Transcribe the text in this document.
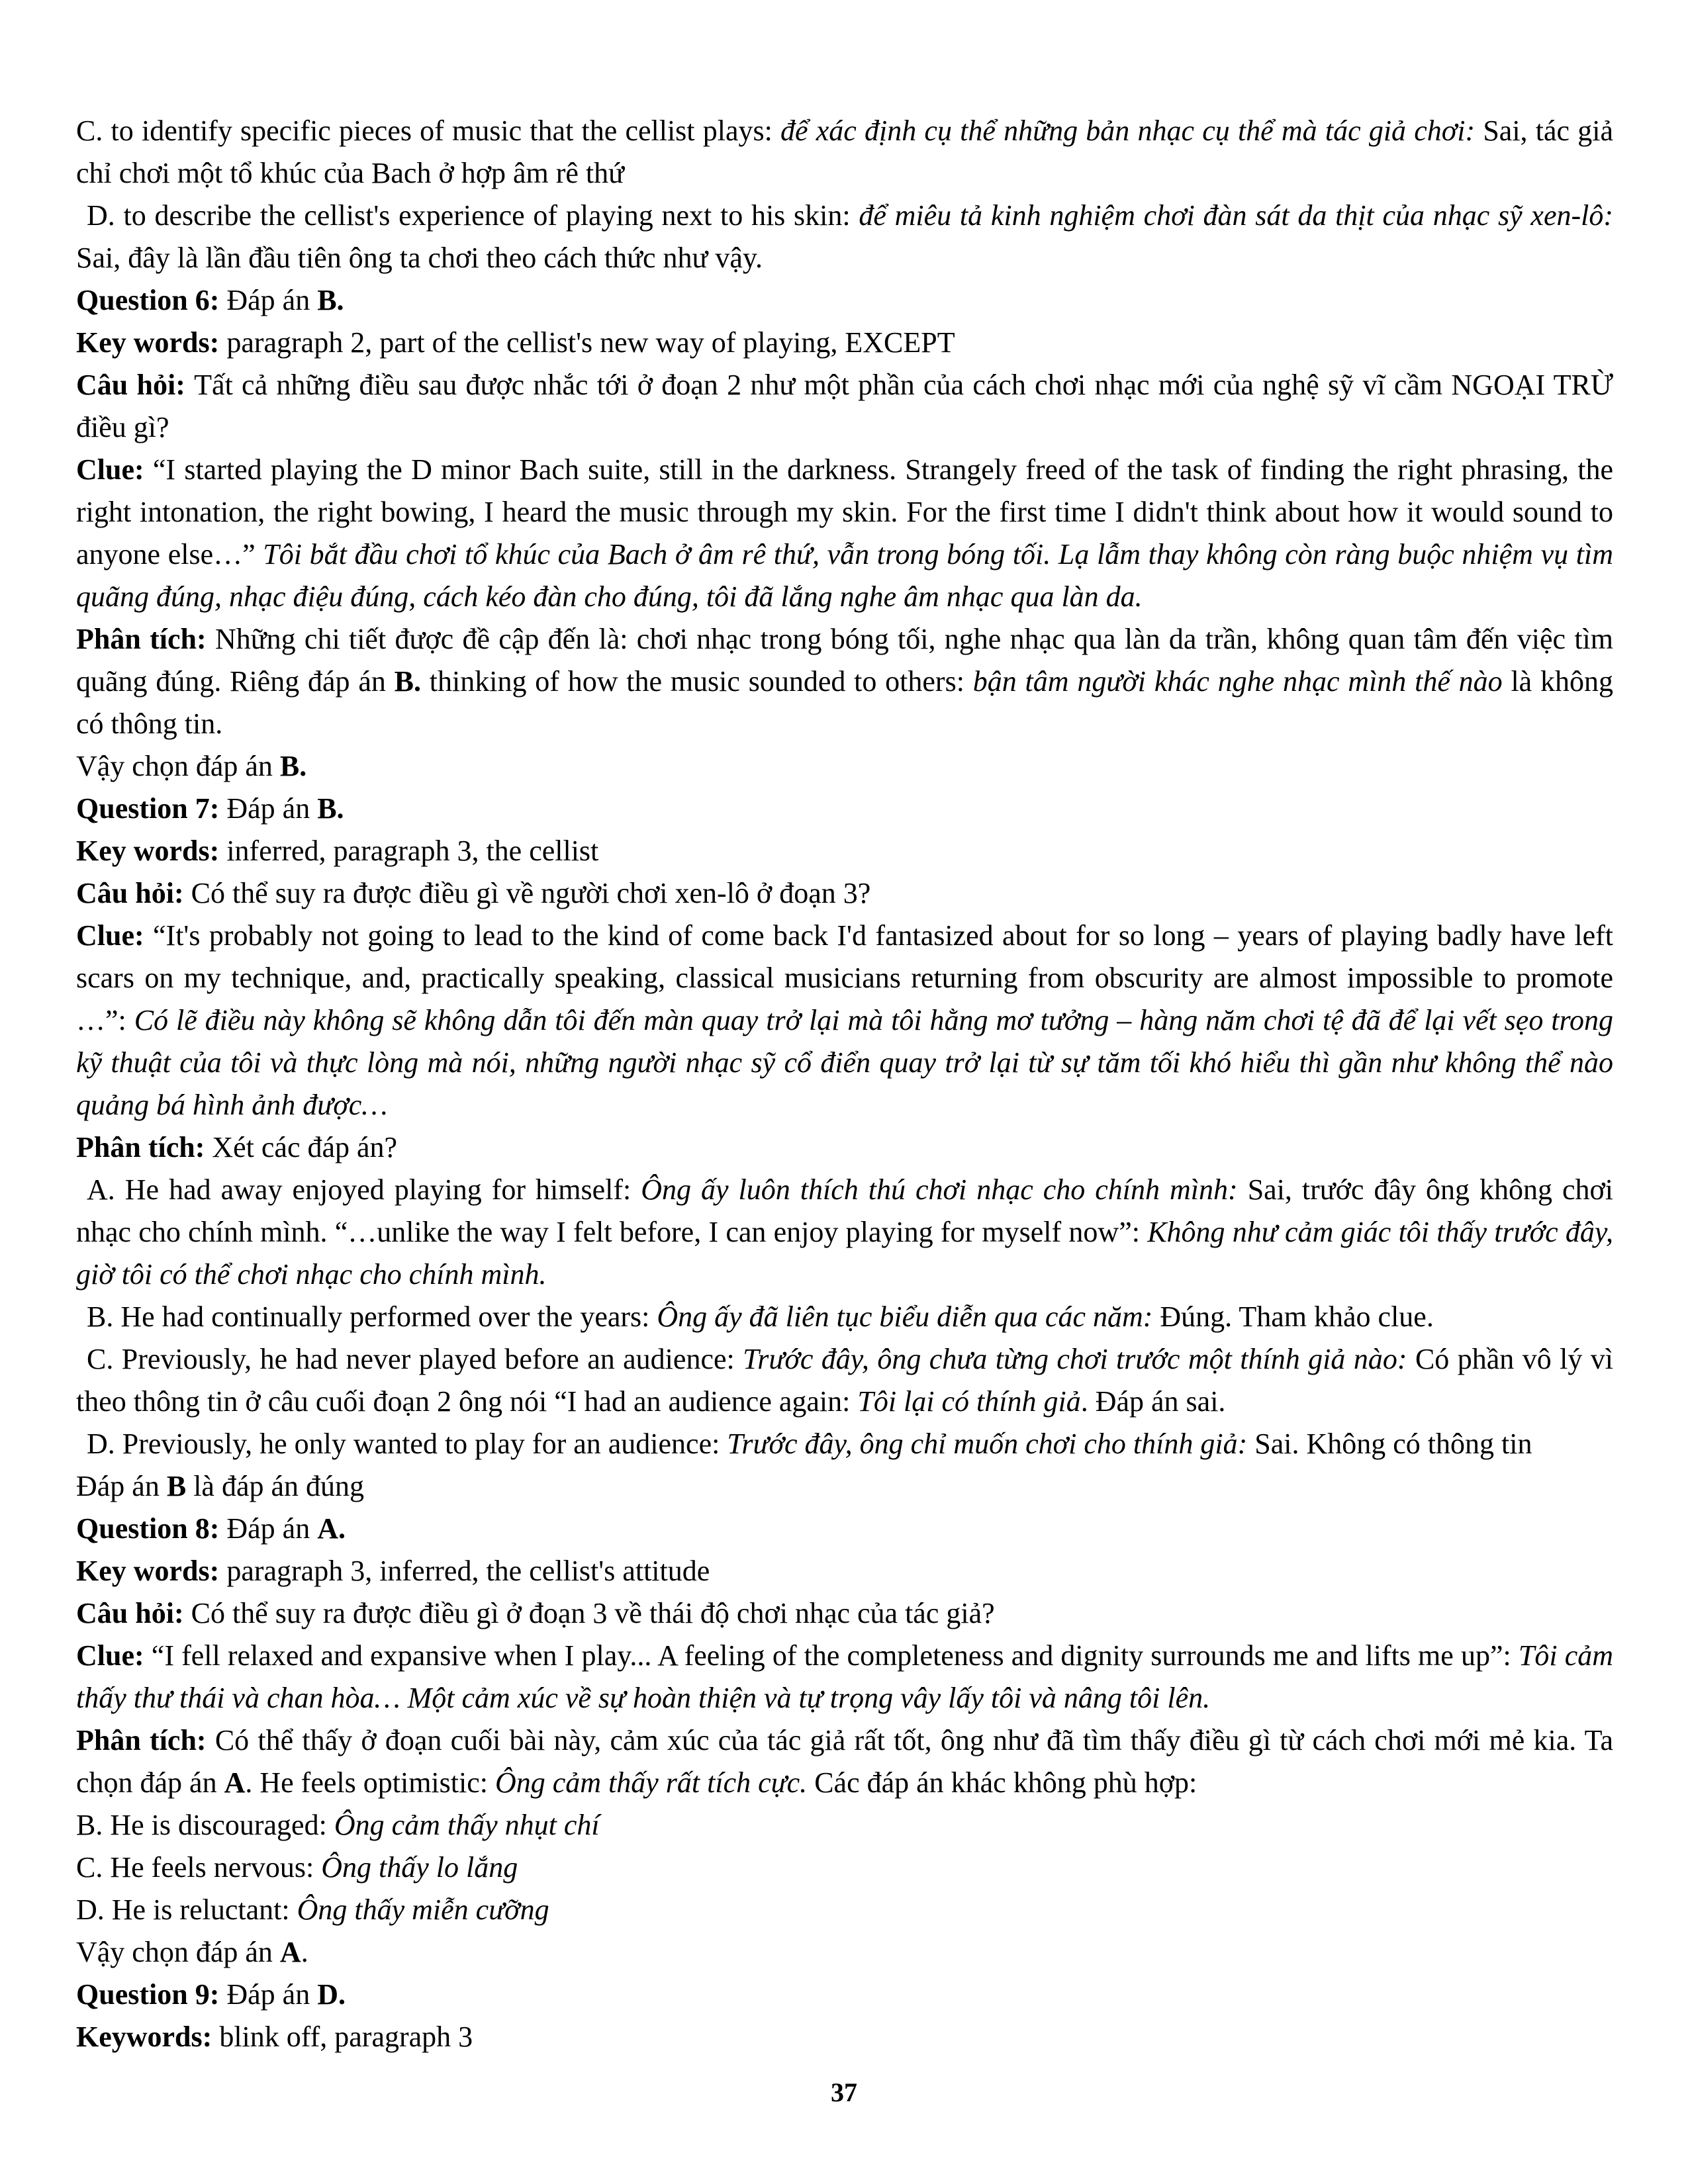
C. to identify specific pieces of music that the cellist plays: để xác định cụ thể những bản nhạc cụ thể mà tác giả chơi: Sai, tác giả chỉ chơi một tổ khúc của Bach ở hợp âm rê thứ

D. to describe the cellist's experience of playing next to his skin: để miêu tả kinh nghiệm chơi đàn sát da thịt của nhạc sỹ xen-lô: Sai, đây là lần đầu tiên ông ta chơi theo cách thức như vậy.

Question 6: Đáp án B.

Key words: paragraph 2, part of the cellist's new way of playing, EXCEPT

Câu hỏi: Tất cả những điều sau được nhắc tới ở đoạn 2 như một phần của cách chơi nhạc mới của nghệ sỹ vĩ cầm NGOẠI TRỪ điều gì?

Clue: “I started playing the D minor Bach suite, still in the darkness. Strangely freed of the task of finding the right phrasing, the right intonation, the right bowing, I heard the music through my skin. For the first time I didn't think about how it would sound to anyone else…” Tôi bắt đầu chơi tổ khúc của Bach ở âm rê thứ, vẫn trong bóng tối. Lạ lẫm thay không còn ràng buộc nhiệm vụ tìm quãng đúng, nhạc điệu đúng, cách kéo đàn cho đúng, tôi đã lắng nghe âm nhạc qua làn da.

Phân tích: Những chi tiết được đề cập đến là: chơi nhạc trong bóng tối, nghe nhạc qua làn da trần, không quan tâm đến việc tìm quãng đúng. Riêng đáp án B. thinking of how the music sounded to others: bận tâm người khác nghe nhạc mình thế nào là không có thông tin.

Vậy chọn đáp án B.

Question 7: Đáp án B.

Key words: inferred, paragraph 3, the cellist

Câu hỏi: Có thể suy ra được điều gì về người chơi xen-lô ở đoạn 3?

Clue: “It's probably not going to lead to the kind of come back I'd fantasized about for so long – years of playing badly have left scars on my technique, and, practically speaking, classical musicians returning from obscurity are almost impossible to promote …”: Có lẽ điều này không sẽ không dẫn tôi đến màn quay trở lại mà tôi hằng mơ tưởng – hàng năm chơi tệ đã để lại vết sẹo trong kỹ thuật của tôi và thực lòng mà nói, những người nhạc sỹ cổ điển quay trở lại từ sự tăm tối khó hiểu thì gần như không thể nào quảng bá hình ảnh được…

Phân tích: Xét các đáp án?

A. He had away enjoyed playing for himself: Ông ấy luôn thích thú chơi nhạc cho chính mình: Sai, trước đây ông không chơi nhạc cho chính mình. “…unlike the way I felt before, I can enjoy playing for myself now”: Không như cảm giác tôi thấy trước đây, giờ tôi có thể chơi nhạc cho chính mình.

B. He had continually performed over the years: Ông ấy đã liên tục biểu diễn qua các năm: Đúng. Tham khảo clue.

C. Previously, he had never played before an audience: Trước đây, ông chưa từng chơi trước một thính giả nào: Có phần vô lý vì theo thông tin ở câu cuối đoạn 2 ông nói “I had an audience again: Tôi lại có thính giả. Đáp án sai.

D. Previously, he only wanted to play for an audience: Trước đây, ông chỉ muốn chơi cho thính giả: Sai. Không có thông tin

Đáp án B là đáp án đúng

Question 8: Đáp án A.

Key words: paragraph 3, inferred, the cellist's attitude

Câu hỏi: Có thể suy ra được điều gì ở đoạn 3 về thái độ chơi nhạc của tác giả?

Clue: “I fell relaxed and expansive when I play... A feeling of the completeness and dignity surrounds me and lifts me up”: Tôi cảm thấy thư thái và chan hòa… Một cảm xúc về sự hoàn thiện và tự trọng vây lấy tôi và nâng tôi lên.

Phân tích: Có thể thấy ở đoạn cuối bài này, cảm xúc của tác giả rất tốt, ông như đã tìm thấy điều gì từ cách chơi mới mẻ kia. Ta chọn đáp án A. He feels optimistic: Ông cảm thấy rất tích cực. Các đáp án khác không phù hợp:

B. He is discouraged: Ông cảm thấy nhụt chí

C. He feels nervous: Ông thấy lo lắng

D. He is reluctant: Ông thấy miễn cưỡng

Vậy chọn đáp án A.

Question 9: Đáp án D.

Keywords: blink off, paragraph 3

37
